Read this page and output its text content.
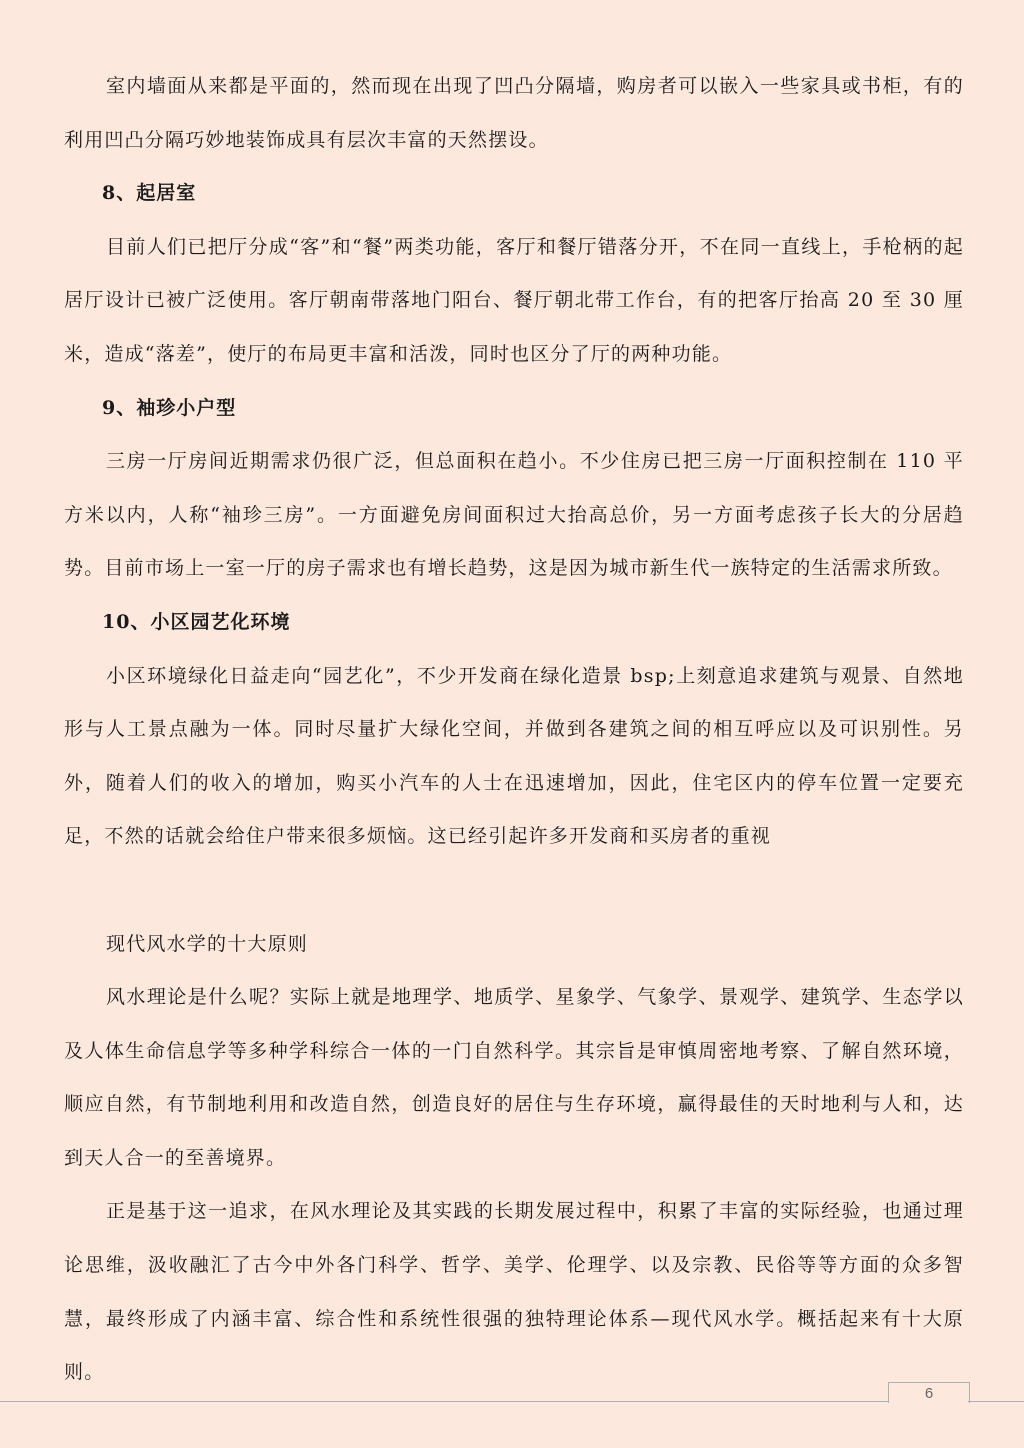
室内墙面从来都是平面的，然而现在出现了凹凸分隔墙，购房者可以嵌入一些家具或书柜，有的利用凹凸分隔巧妙地装饰成具有层次丰富的天然摆设。

8、起居室

目前人们已把厅分成“客”和“餐”两类功能，客厅和餐厅错落分开，不在同一直线上，手枪柄的起居厅设计已被广泛使用。客厅朝南带落地门阳台、餐厅朝北带工作台，有的把客厅抬高 20 至 30 厘米，造成“落差”，使厅的布局更丰富和活泼，同时也区分了厅的两种功能。

9、袖珍小户型

三房一厅房间近期需求仍很广泛，但总面积在趋小。不少住房已把三房一厅面积控制在 110 平方米以内，人称“袖珍三房”。一方面避免房间面积过大抬高总价，另一方面考虑孩子长大的分居趋势。目前市场上一室一厅的房子需求也有增长趋势，这是因为城市新生代一族特定的生活需求所致。

10、小区园艺化环境

小区环境绿化日益走向“园艺化”，不少开发商在绿化造景 bsp;上刻意追求建筑与观景、自然地形与人工景点融为一体。同时尽量扩大绿化空间，并做到各建筑之间的相互呼应以及可识别性。另外，随着人们的收入的增加，购买小汽车的人士在迅速增加，因此，住宅区内的停车位置一定要充足，不然的话就会给住户带来很多烦恼。这已经引起许多开发商和买房者的重视

现代风水学的十大原则

风水理论是什么呢？实际上就是地理学、地质学、星象学、气象学、景观学、建筑学、生态学以及人体生命信息学等多种学科综合一体的一门自然科学。其宗旨是审慎周密地考察、了解自然环境，顺应自然，有节制地利用和改造自然，创造良好的居住与生存环境，赢得最佳的天时地利与人和，达到天人合一的至善境界。

正是基于这一追求，在风水理论及其实践的长期发展过程中，积累了丰富的实际经验，也通过理论思维，汲收融汇了古今中外各门科学、哲学、美学、伦理学、以及宗教、民俗等等方面的众多智慧，最终形成了内涵丰富、综合性和系统性很强的独特理论体系—现代风水学。概括起来有十大原则。

6
